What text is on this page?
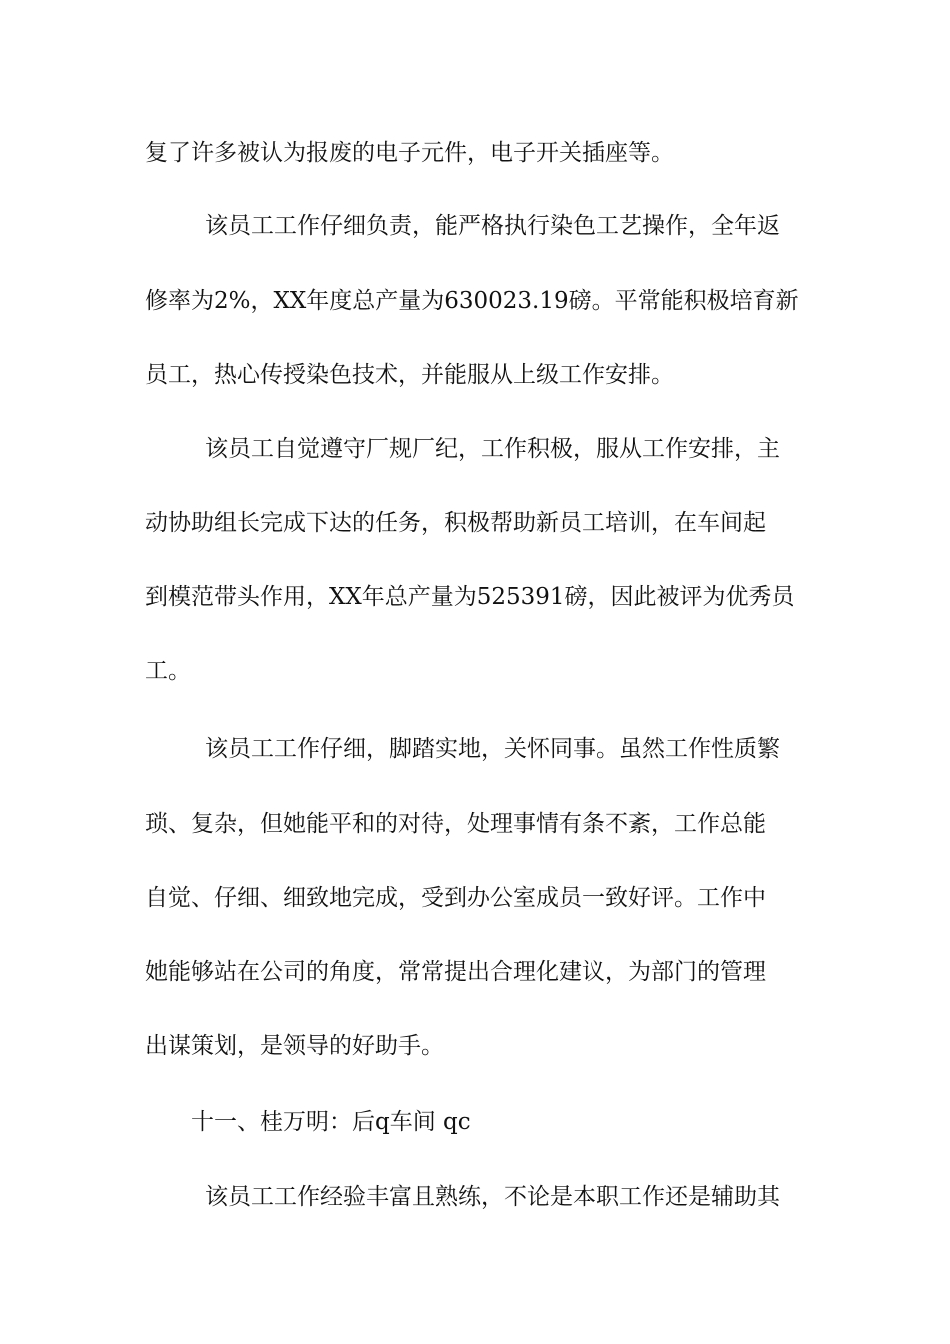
复了许多被认为报废的电子元件，电子开关插座等。

该员工工作仔细负责，能严格执行染色工艺操作，全年返

修率为2%，XX年度总产量为630023.19磅。平常能积极培育新

员工，热心传授染色技术，并能服从上级工作安排。

该员工自觉遵守厂规厂纪，工作积极，服从工作安排，主

动协助组长完成下达的任务，积极帮助新员工培训，在车间起

到模范带头作用，XX年总产量为525391磅，因此被评为优秀员

工。

该员工工作仔细，脚踏实地，关怀同事。虽然工作性质繁

琐、复杂，但她能平和的对待，处理事情有条不紊，工作总能

自觉、仔细、细致地完成，受到办公室成员一致好评。工作中

她能够站在公司的角度，常常提出合理化建议，为部门的管理

出谋策划，是领导的好助手。

十一、桂万明：后q车间 qc

该员工工作经验丰富且熟练，不论是本职工作还是辅助其
